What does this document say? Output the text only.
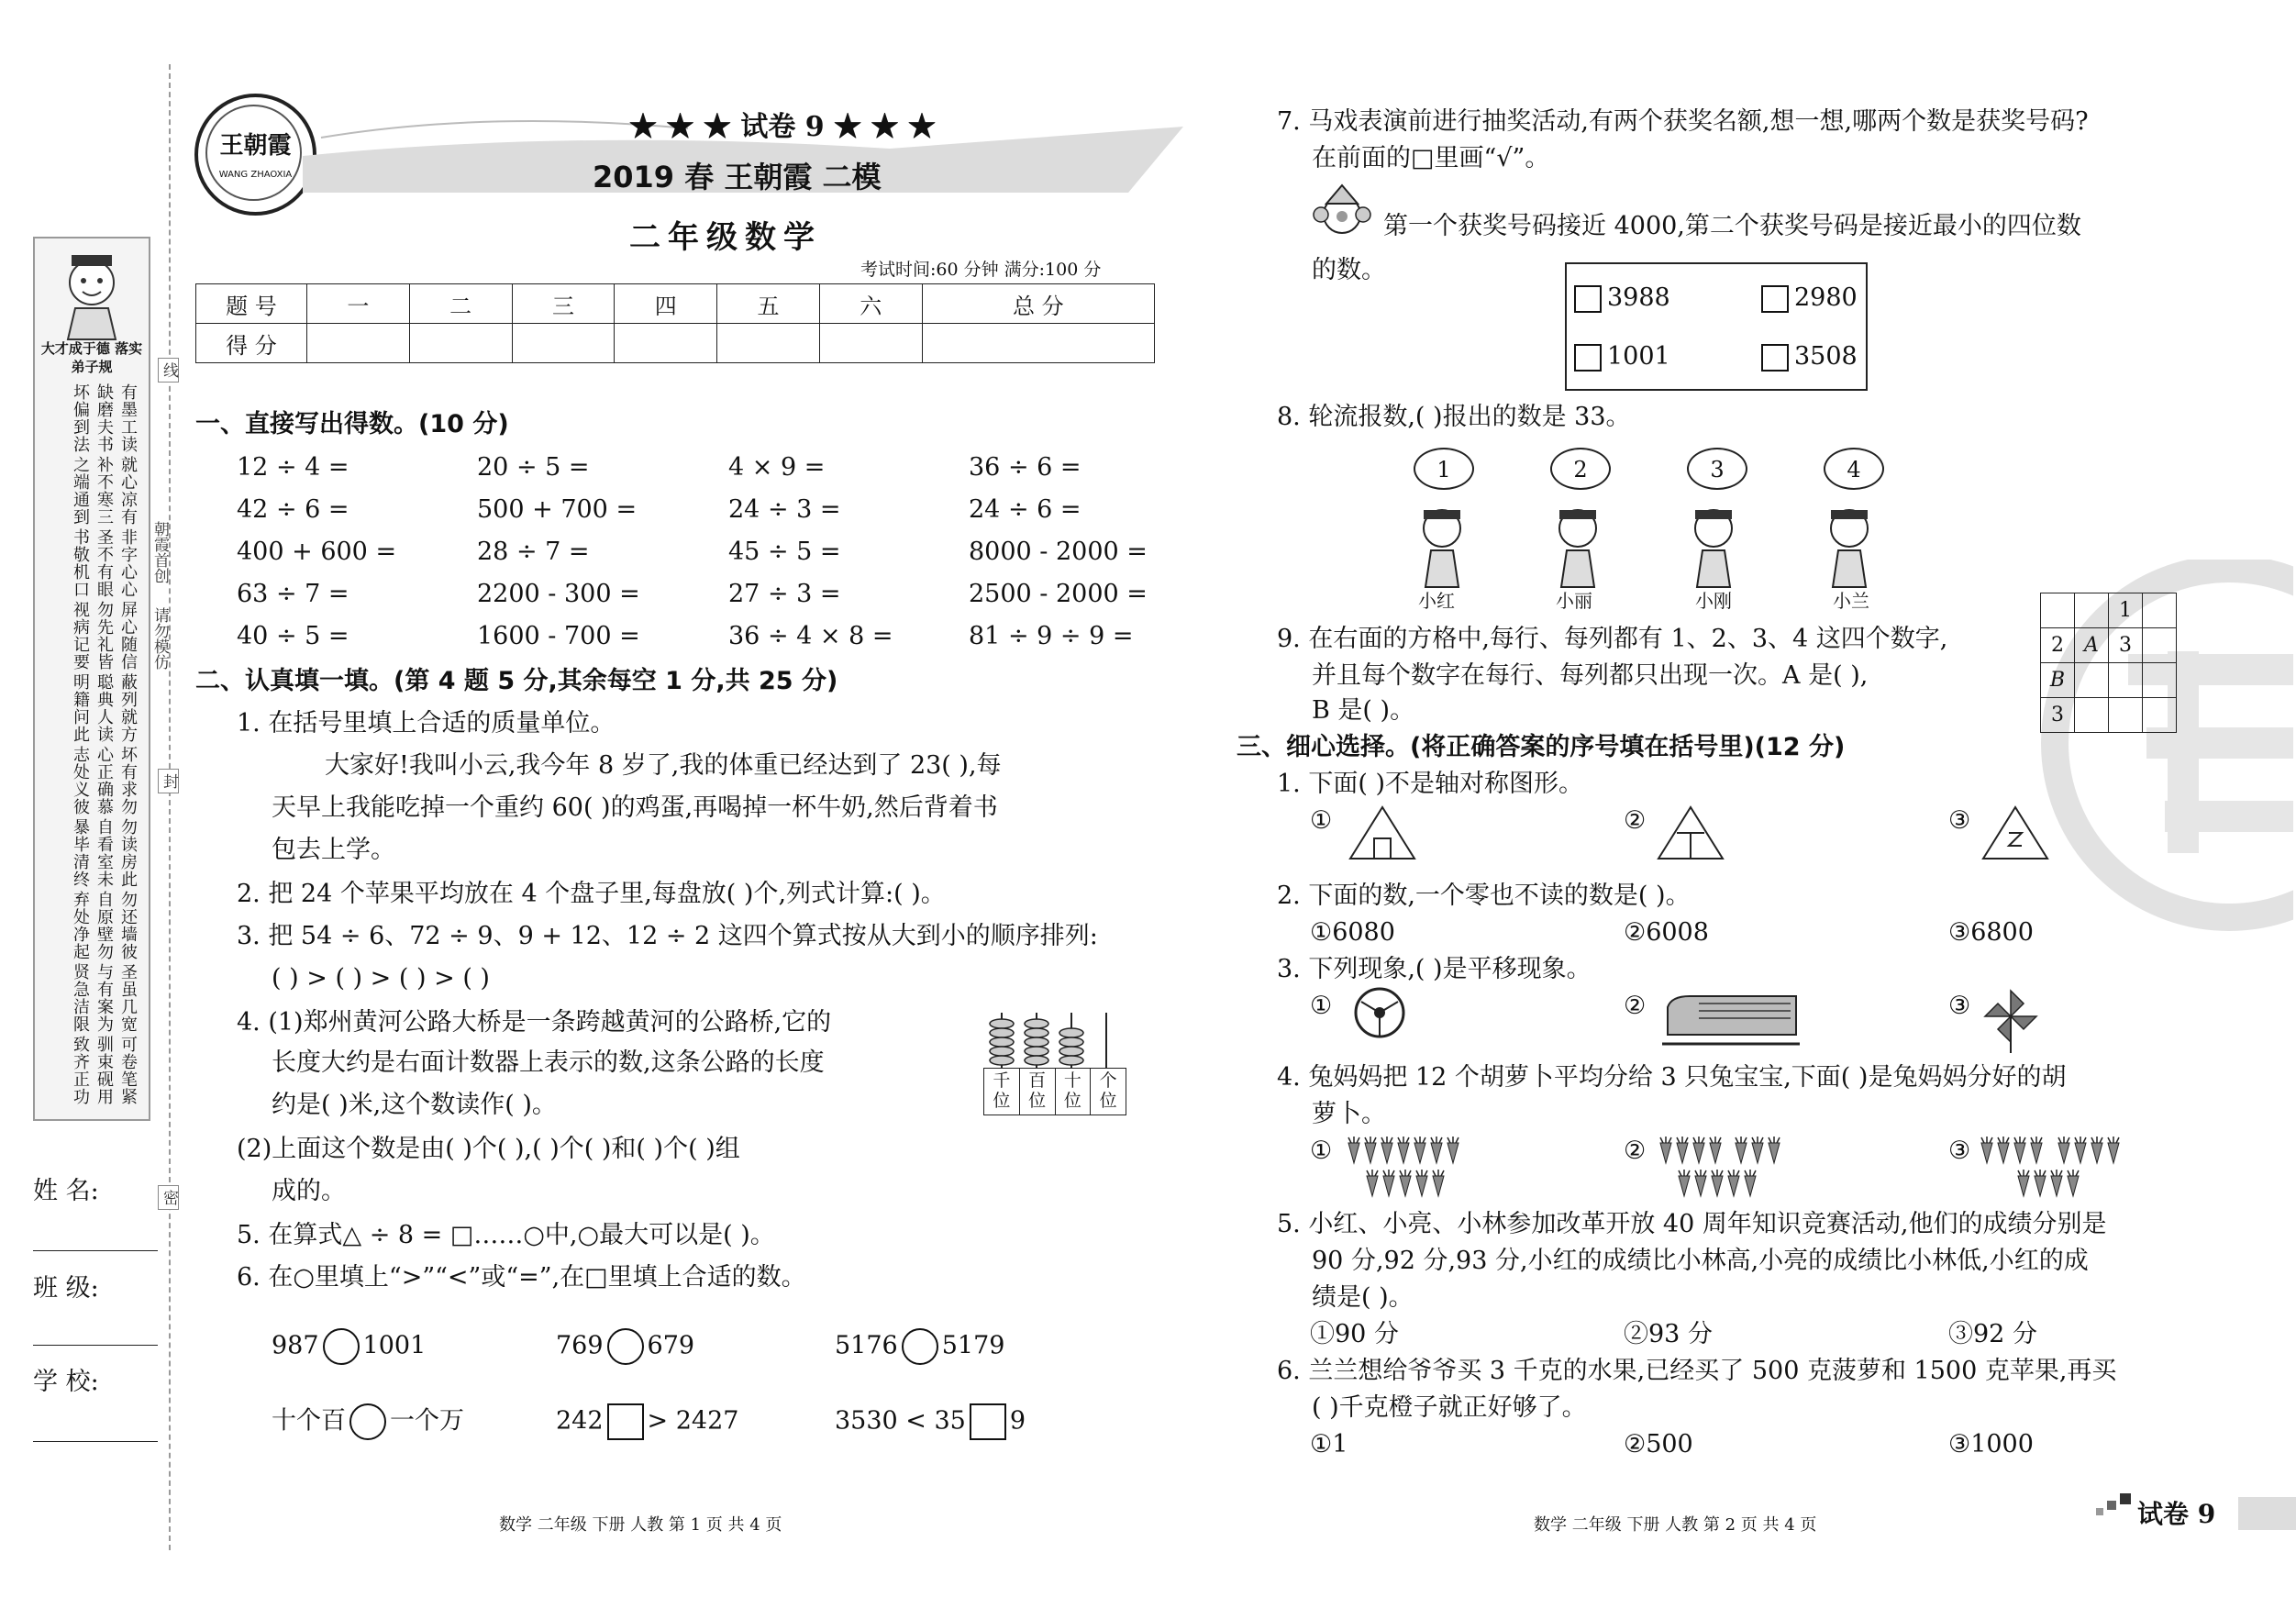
线
封
密
朝霞首创
请勿模仿
大才成于德 落实弟子规
有墨工读
缺磨夫书
坏偏到法
就心凉有
补不寒三
之端通到
非字心心
圣不有眼
书敬机口
屏心随信
勿先礼皆
视病记要
蔽列就方
聪典人读
明籍问此
坏有求勿
心正确慕
志处义彼
勿读房此
自看室未
暴毕清终
勿还墙彼
自原壁勿
弃处净起
圣虽几宽
与有案为
贤急洁限
可卷笔紧
驯束砚用
致齐正功
姓 名:
班 级:
学 校:
王朝霞
WANG ZHAOXIA
★ ★ ★ 试卷 9 ★ ★ ★
2019 春 王朝霞 二模
二年级数学
考试时间:60 分钟 满分:100 分
题 号	一	二	三	四	五	六	总 分
得 分							
一、直接写出得数。(10 分)
12 ÷ 4 =	20 ÷ 5 =	4 × 9 =	36 ÷ 6 =
42 ÷ 6 =	500 + 700 =	24 ÷ 3 =	24 ÷ 6 =
400 + 600 =	28 ÷ 7 =	45 ÷ 5 =	8000 - 2000 =
63 ÷ 7 =	2200 - 300 =	27 ÷ 3 =	2500 - 2000 =
40 ÷ 5 =	1600 - 700 =	36 ÷ 4 × 8 =	81 ÷ 9 ÷ 9 =
二、认真填一填。(第 4 题 5 分,其余每空 1 分,共 25 分)
1. 在括号里填上合适的质量单位。
大家好!我叫小云,我今年 8 岁了,我的体重已经达到了 23( ),每
天早上我能吃掉一个重约 60( )的鸡蛋,再喝掉一杯牛奶,然后背着书
包去上学。
2. 把 24 个苹果平均放在 4 个盘子里,每盘放( )个,列式计算:( )。
3. 把 54 ÷ 6、72 ÷ 9、9 + 12、12 ÷ 2 这四个算式按从大到小的顺序排列:
( ) > ( ) > ( ) > ( )
4. (1)郑州黄河公路大桥是一条跨越黄河的公路桥,它的
长度大约是右面计数器上表示的数,这条公路的长度
约是( )米,这个数读作( )。
(2)上面这个数是由( )个( ),( )个( )和( )个( )组
成的。
千位
百位
十位
个位
5. 在算式△ ÷ 8 = □……○中,○最大可以是( )。
6. 在○里填上“>”“<”或“=”,在□里填上合适的数。
987 1001	769 679	5176 5179
十个百 一个万	242 > 2427	3530 < 35 9
数学 二年级 下册 人教 第 1 页 共 4 页
7. 马戏表演前进行抽奖活动,有两个获奖名额,想一想,哪两个数是获奖号码?
在前面的□里画“√”。
第一个获奖号码接近 4000,第二个获奖号码是接近最小的四位数
的数。
3988	2980
1001	3508
8. 轮流报数,( )报出的数是 33。
1	2	3	4
小红	小丽	小刚	小兰
9. 在右面的方格中,每行、每列都有 1、2、3、4 这四个数字,
并且每个数字在每行、每列都只出现一次。A 是( ),
B 是( )。
		1	
2	A	3	
B			
3			
三、细心选择。(将正确答案的序号填在括号里)(12 分)
1. 下面( )不是轴对称图形。
①	②	③
2. 下面的数,一个零也不读的数是( )。
①6080	②6008	③6800
3. 下列现象,( )是平移现象。
①	②	③
4. 兔妈妈把 12 个胡萝卜平均分给 3 只兔宝宝,下面( )是兔妈妈分好的胡
萝卜。
①	②	③
5. 小红、小亮、小林参加改革开放 40 周年知识竞赛活动,他们的成绩分别是
90 分,92 分,93 分,小红的成绩比小林高,小亮的成绩比小林低,小红的成
绩是( )。
①90 分	②93 分	③92 分
6. 兰兰想给爷爷买 3 千克的水果,已经买了 500 克菠萝和 1500 克苹果,再买
( )千克橙子就正好够了。
①1	②500	③1000
数学 二年级 下册 人教 第 2 页 共 4 页	试卷 9
